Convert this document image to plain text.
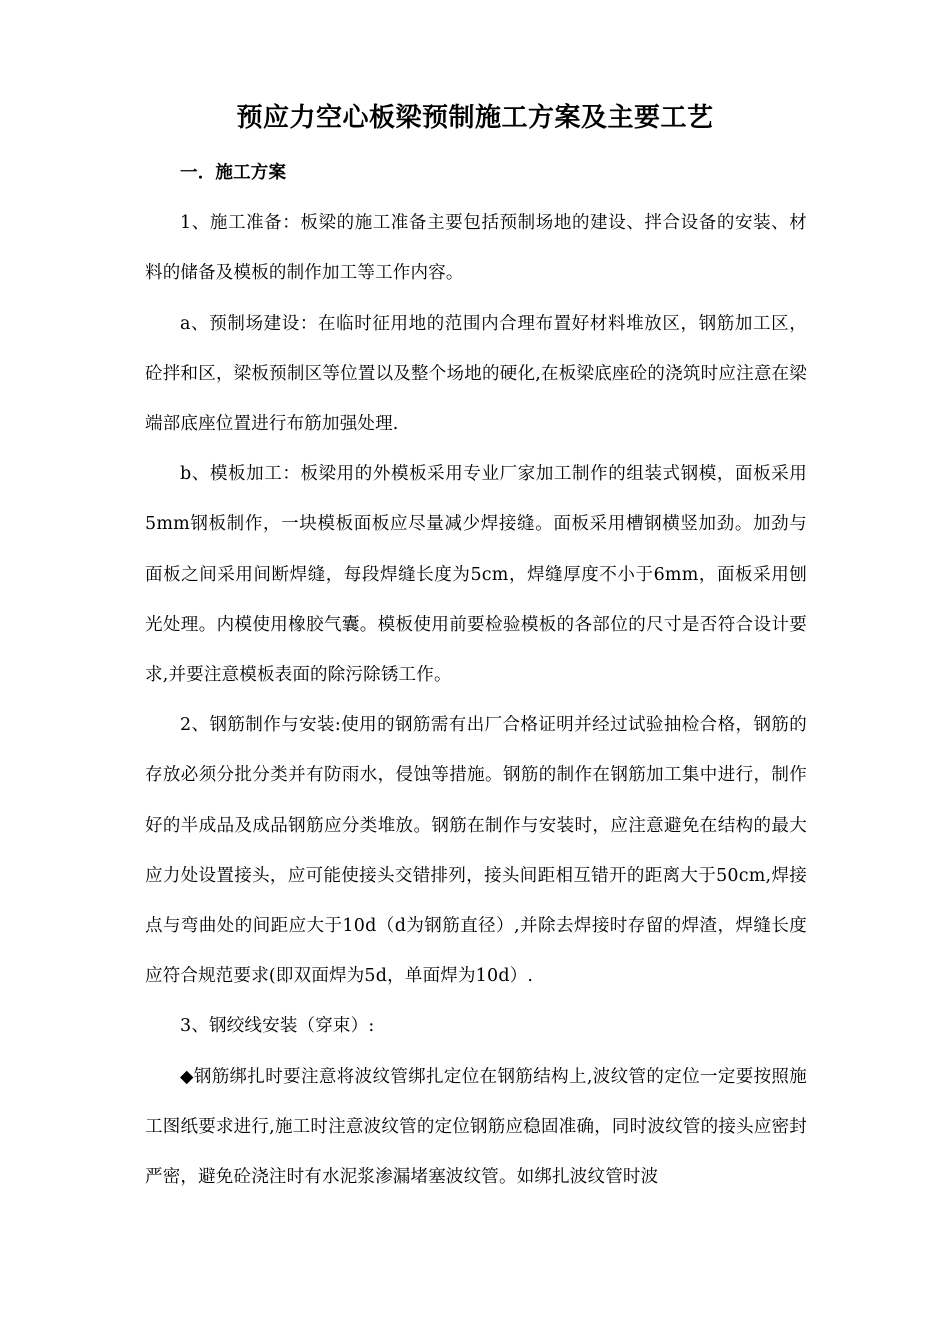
预应力空心板梁预制施工方案及主要工艺

一．施工方案

1、施工准备：板梁的施工准备主要包括预制场地的建设、拌合设备的安装、材料的储备及模板的制作加工等工作内容。

a、预制场建设：在临时征用地的范围内合理布置好材料堆放区，钢筋加工区，砼拌和区，梁板预制区等位置以及整个场地的硬化,在板梁底座砼的浇筑时应注意在梁端部底座位置进行布筋加强处理.

b、模板加工：板梁用的外模板采用专业厂家加工制作的组装式钢模，面板采用5mm钢板制作，一块模板面板应尽量减少焊接缝。面板采用槽钢横竖加劲。加劲与面板之间采用间断焊缝，每段焊缝长度为5cm，焊缝厚度不小于6mm，面板采用刨光处理。内模使用橡胶气囊。模板使用前要检验模板的各部位的尺寸是否符合设计要求,并要注意模板表面的除污除锈工作。

2、钢筋制作与安装:使用的钢筋需有出厂合格证明并经过试验抽检合格，钢筋的存放必须分批分类并有防雨水，侵蚀等措施。钢筋的制作在钢筋加工集中进行，制作好的半成品及成品钢筋应分类堆放。钢筋在制作与安装时，应注意避免在结构的最大应力处设置接头，应可能使接头交错排列，接头间距相互错开的距离大于50cm,焊接点与弯曲处的间距应大于10d（d为钢筋直径）,并除去焊接时存留的焊渣，焊缝长度应符合规范要求(即双面焊为5d，单面焊为10d）.

3、钢绞线安装（穿束）:

◆钢筋绑扎时要注意将波纹管绑扎定位在钢筋结构上,波纹管的定位一定要按照施工图纸要求进行,施工时注意波纹管的定位钢筋应稳固准确，同时波纹管的接头应密封严密，避免砼浇注时有水泥浆渗漏堵塞波纹管。如绑扎波纹管时波
